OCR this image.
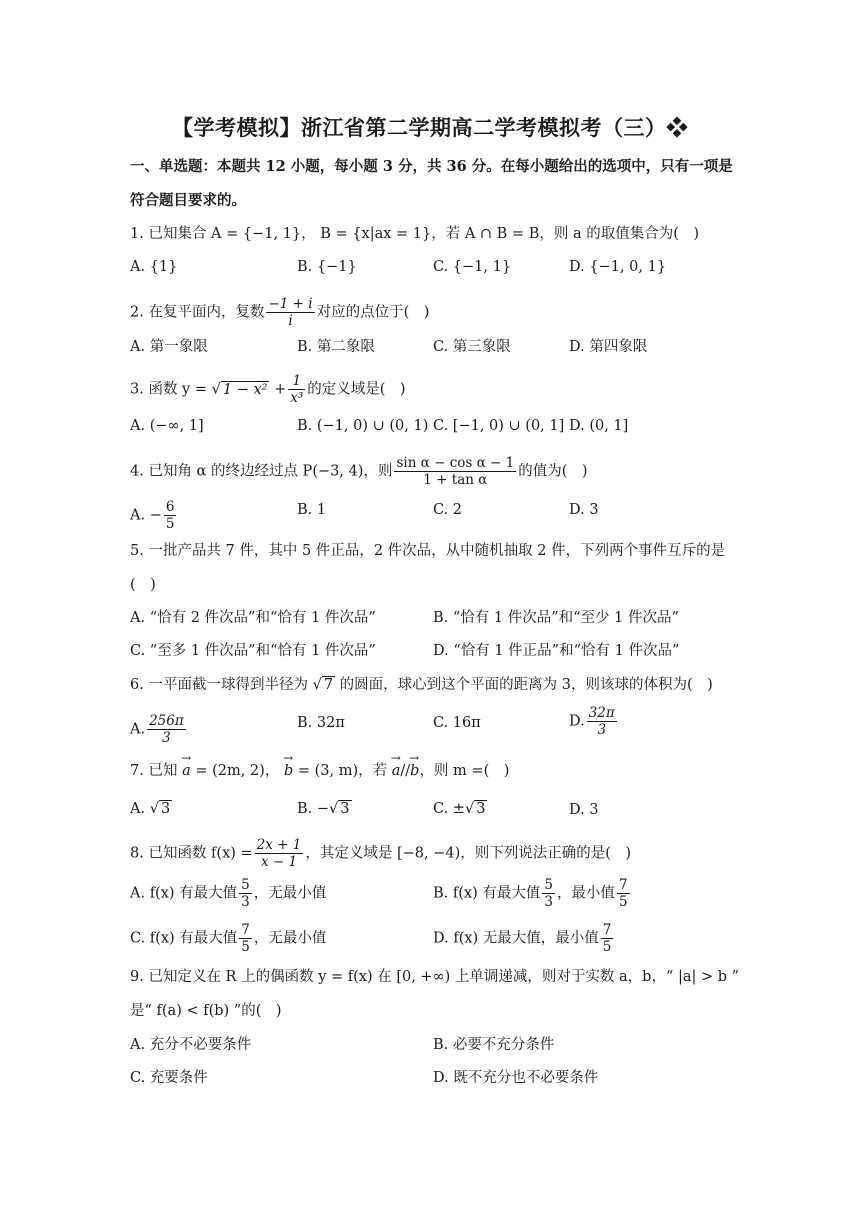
【学考模拟】浙江省第二学期高二学考模拟考（三）❖
一、单选题：本题共 12 小题，每小题 3 分，共 36 分。在每小题给出的选项中，只有一项是
符合题目要求的。
1. 已知集合 A = {−1, 1}， B = {x|ax = 1}，若 A ∩ B = B，则 a 的取值集合为(　)
A. {1}	B. {−1}	C. {−1, 1}	D. {−1, 0, 1}
2. 在复平面内，复数 $\frac{-1 + i}{i}$ 对应的点位于(　)
A. 第一象限	B. 第二象限	C. 第三象限	D. 第四象限
3. 函数 y = √ $1 - x^2 + \frac{1}{\text{x³}}$ 的定义域是(　)
A. (−∞, 1]	B. (−1, 0) ∪ (0, 1) C. [−1, 0) ∪ (0, 1] D. (0, 1]
4. 已知角 α 的终边经过点 P(−3, 4)，则 $\frac{\text{sin α − cos α − 1}}{\text{1 + tan α}}$ 的值为(　)
A. − $\frac{6}{5}$	B. 1	C. 2	D. 3
5. 一批产品共 7 件，其中 5 件正品，2 件次品，从中随机抽取 2 件，下列两个事件互斥的是
(　)
A. “恰有 2 件次品”和“恰有 1 件次品”	B. “恰有 1 件次品”和“至少 1 件次品”
C. “至多 1 件次品”和“恰有 1 件次品”	D. “恰有 1 件正品”和“恰有 1 件次品”
6. 一平面截一球得到半径为 √ 7 的圆面，球心到这个平面的距离为 3，则该球的体积为(　)
A. $\frac{256\pi}{3}$	B. 32π	C. 16π	D. $\frac{32\pi}{3}$
7. 已知 → a = (2m, 2)， → b = (3, m)，若 → a//→ b，则 m =(　)
A. √ 3	B. −√ 3	C. ±√ 3	D. 3
8. 已知函数 $f(x) = \frac{2x + 1}{x - 1}$ ，其定义域是 [−8, −4)，则下列说法正确的是(　)
A. f(x) 有最大值 $\frac{5}{3}$ ，无最小值	B. f(x) 有最大值 $\frac{5}{3}$ ，最小值 $\frac{7}{5}$
C. f(x) 有最大值 $\frac{7}{5}$ ，无最小值	D. f(x) 无最大值，最小值 $\frac{7}{5}$
9. 已知定义在 R 上的偶函数 y = f(x) 在 [0, +∞) 上单调递减，则对于实数 a，b，“ |a| > b ”
是“ f(a) < f(b) ”的(　)
A. 充分不必要条件	B. 必要不充分条件
C. 充要条件	D. 既不充分也不必要条件
